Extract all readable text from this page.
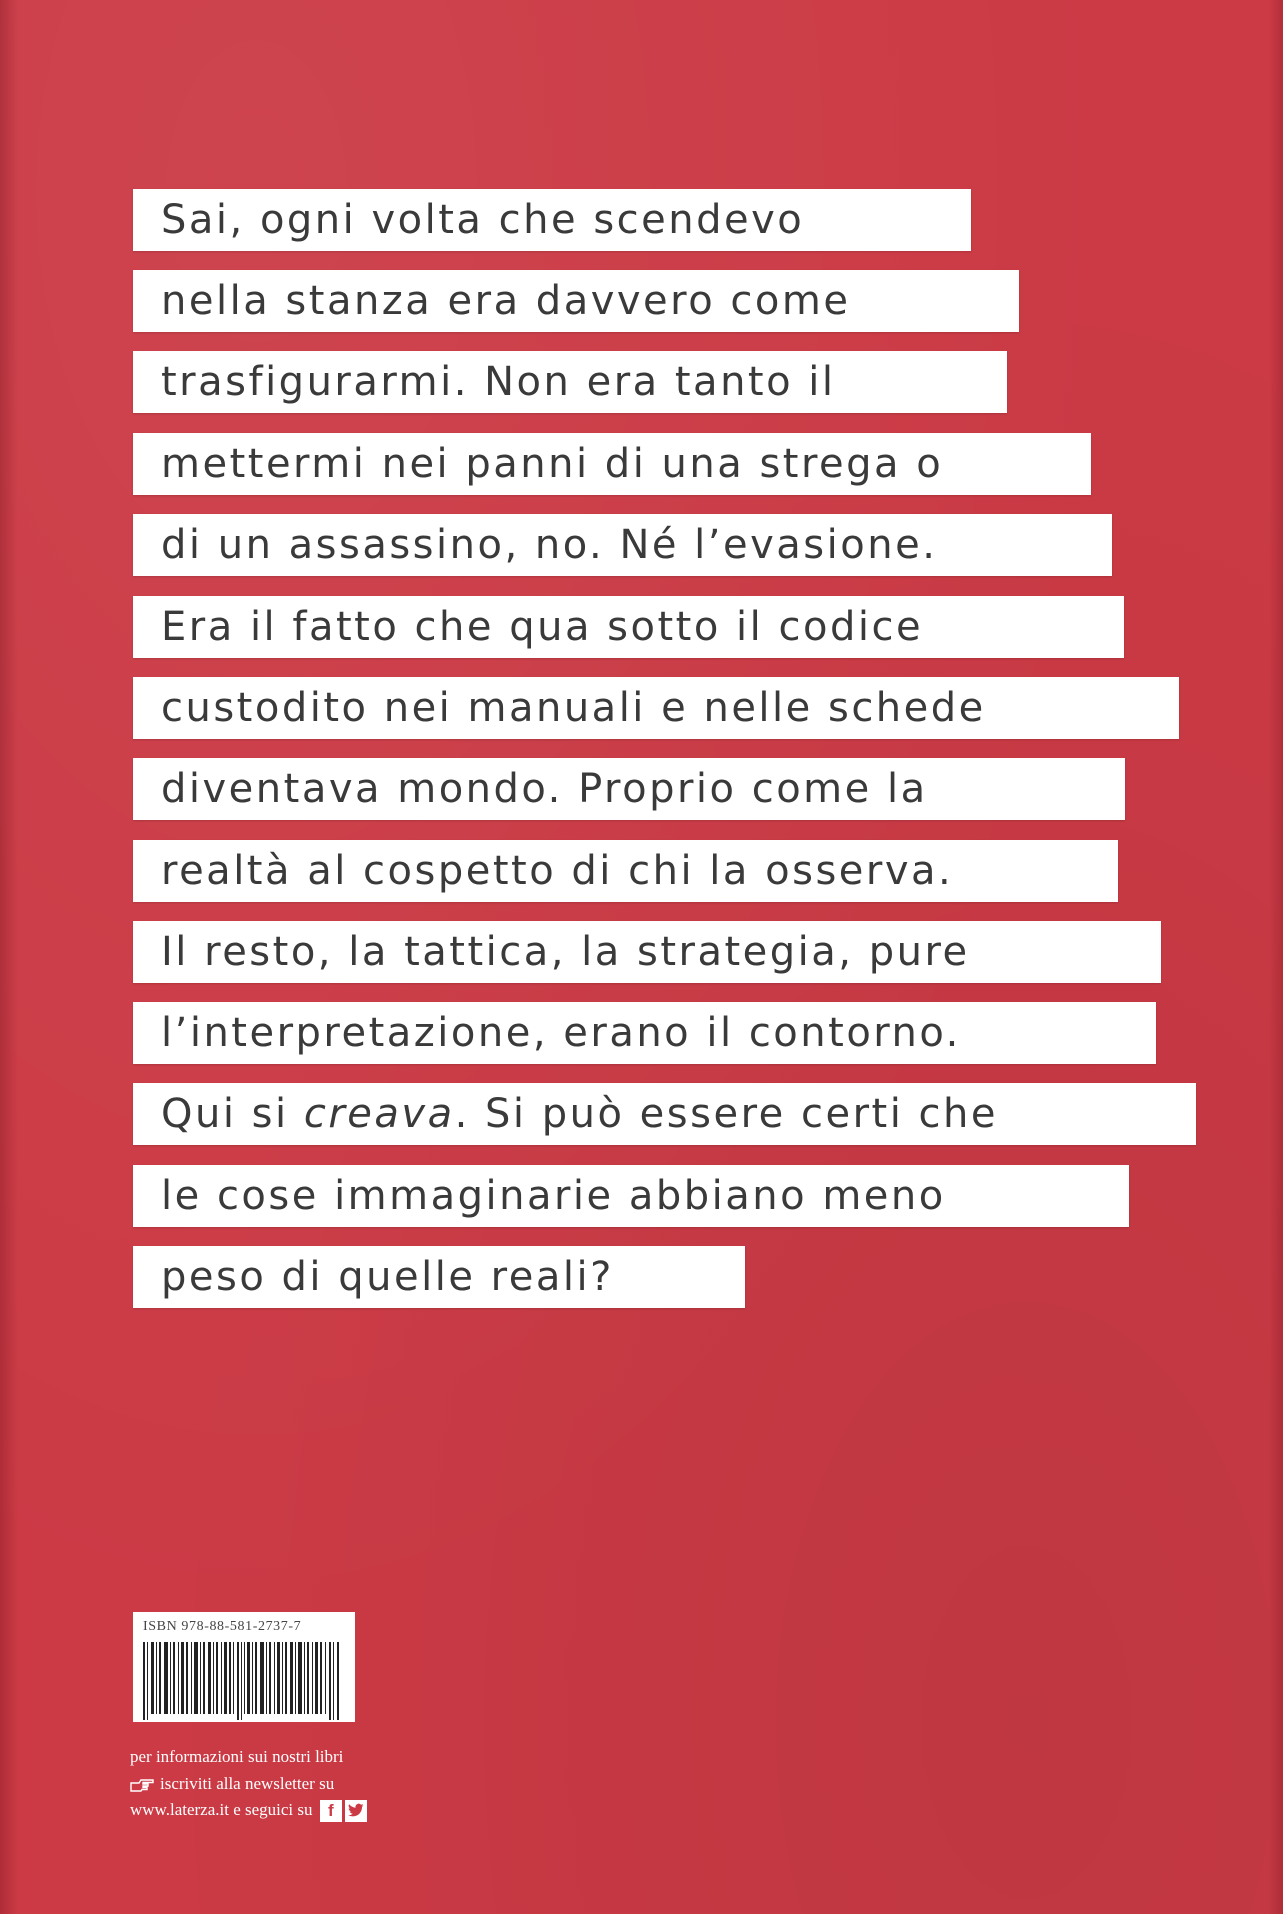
Sai, ogni volta che scendevo
nella stanza era davvero come
trasfigurarmi. Non era tanto il
mettermi nei panni di una strega o
di un assassino, no. Né l’evasione.
Era il fatto che qua sotto il codice
custodito nei manuali e nelle schede
diventava mondo. Proprio come la
realtà al cospetto di chi la osserva.
Il resto, la tattica, la strategia, pure
l’interpretazione, erano il contorno.
Qui si creava. Si può essere certi che
le cose immaginarie abbiano meno
peso di quelle reali?
ISBN 978-88-581-2737-7
per informazioni sui nostri libri
iscriviti alla newsletter su
www.laterza.it e seguici su f
